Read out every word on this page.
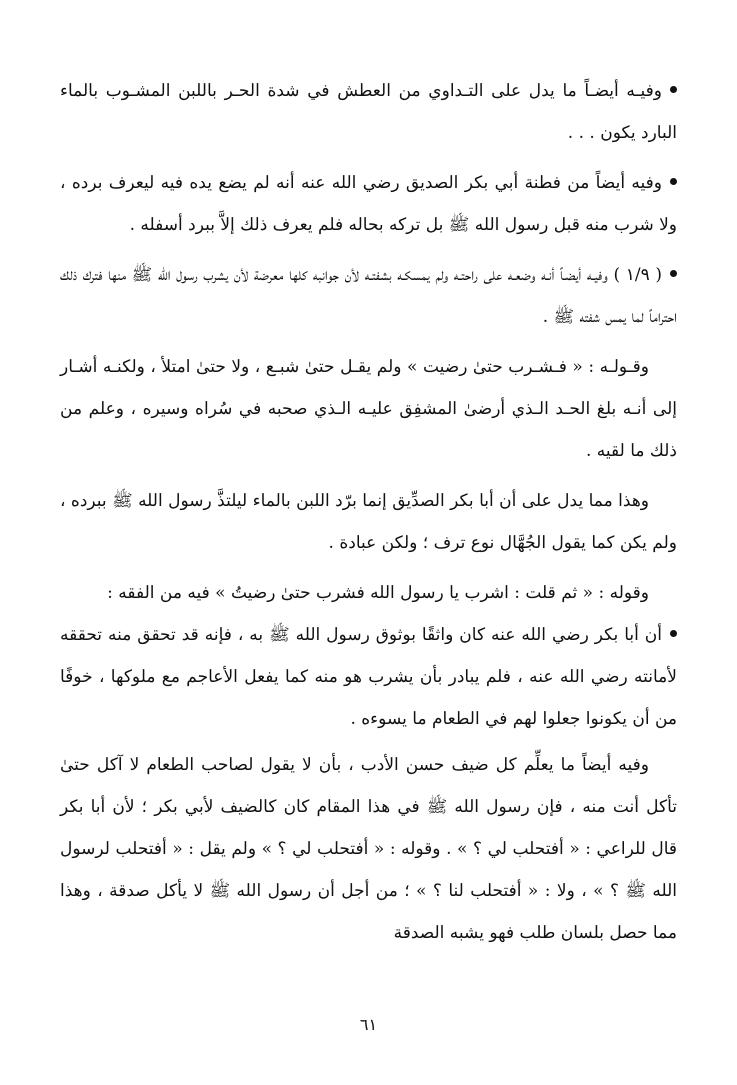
وفيـه أيضـاً ما يدل على التـداوي من العطش في شدة الحـر باللبن المشـوب بالماء البارد يكون . . .

وفيه أيضاً من فطنة أبي بكر الصديق رضي الله عنه أنه لم يضع يده فيه ليعرف برده ، ولا شرب منه قبل رسول الله ﷺ بل تركه بحاله فلم يعرف ذلك إلاَّ ببرد أسفله .

( ١/٩ ) وفيـه أيضـاً أنـه وضعـه على راحتـه ولم يمسكـه بشفتـه لأن جوانبه كلها معرضة لأن يشرب رسول الله ﷺ منها فترك ذلك احتراماً لما يمس شفته ﷺ .

وقـولـه : « فـشـرب حتىٰ رضيت » ولم يقـل حتىٰ شبـع ، ولا حتىٰ امتلأ ، ولكنـه أشـار إلى أنـه بلغ الحـد الـذي أرضىٰ المشفِق عليـه الـذي صحبه في سُراه وسيره ، وعلم من ذلك ما لقيه .

وهذا مما يدل على أن أبا بكر الصدِّيق إنما برّد اللبن بالماء ليلتذَّ رسول الله ﷺ ببرده ، ولم يكن كما يقول الجُهَّال نوع ترف ؛ ولكن عبادة .

وقوله : « ثم قلت : اشرب يا رسول الله فشرب حتىٰ رضيتُ » فيه من الفقه :

أن أبا بكر رضي الله عنه كان واثقًا بوثوق رسول الله ﷺ به ، فإنه قد تحقق منه تحققه لأمانته رضي الله عنه ، فلم يبادر بأن يشرب هو منه كما يفعل الأعاجم مع ملوكها ، خوفًا من أن يكونوا جعلوا لهم في الطعام ما يسوءه .

وفيه أيضاً ما يعلِّم كل ضيف حسن الأدب ، بأن لا يقول لصاحب الطعام لا آكل حتىٰ تأكل أنت منه ، فإن رسول الله ﷺ في هذا المقام كان كالضيف لأبي بكر ؛ لأن أبا بكر قال للراعي : « أفتحلب لي ؟ » . وقوله : « أفتحلب لي ؟ » ولم يقل : « أفتحلب لرسول الله ﷺ ؟ » ، ولا : « أفتحلب لنا ؟ » ؛ من أجل أن رسول الله ﷺ لا يأكل صدقة ، وهذا مما حصل بلسان طلب فهو يشبه الصدقة

٦١
